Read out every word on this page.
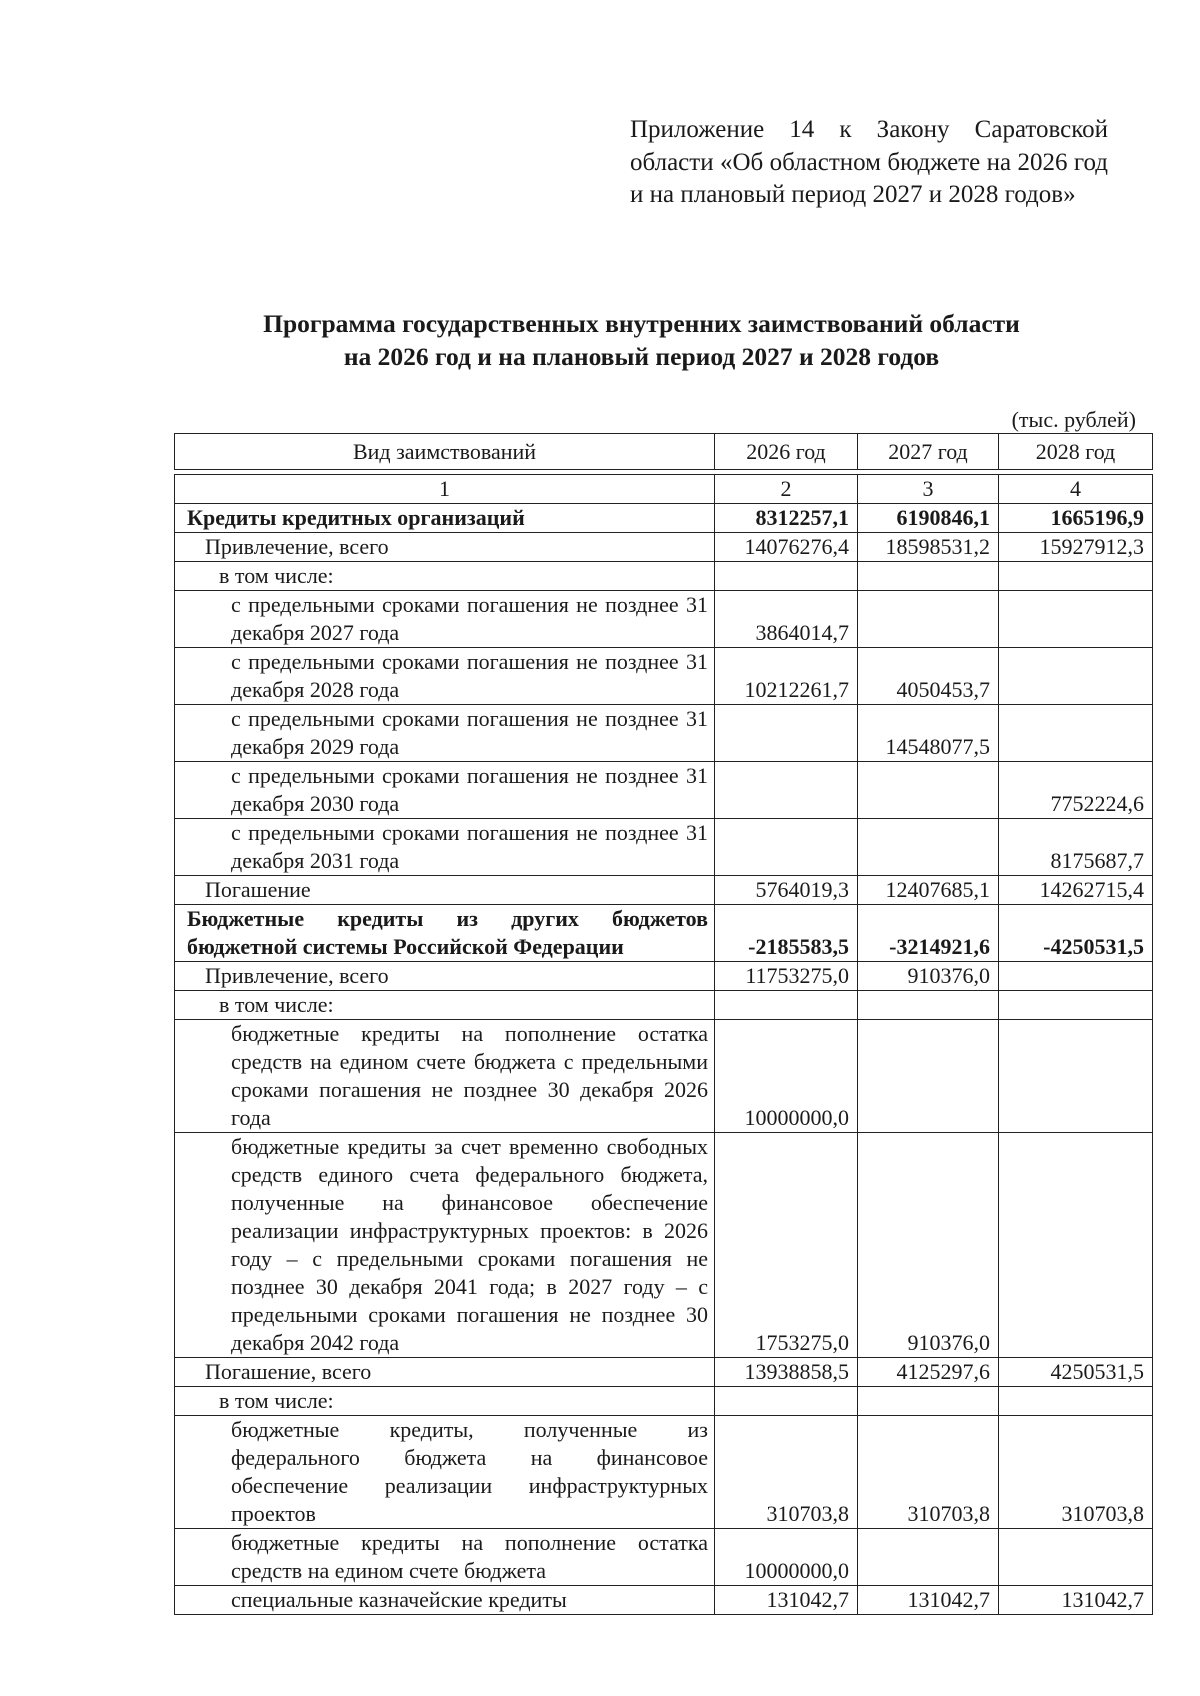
Приложение 14 к Закону Саратовской области «Об областном бюджете на 2026 год и на плановый период 2027 и 2028 годов»
Программа государственных внутренних заимствований области
на 2026 год и на плановый период 2027 и 2028 годов
(тыс. рублей)
Вид заимствований	2026 год	2027 год	2028 год
1	2	3	4
Кредиты кредитных организаций	8312257,1	6190846,1	1665196,9
Привлечение, всего	14076276,4	18598531,2	15927912,3
в том числе:			
с предельными сроками погашения не позднее 31 декабря 2027 года	3864014,7		
с предельными сроками погашения не позднее 31 декабря 2028 года	10212261,7	4050453,7	
с предельными сроками погашения не позднее 31 декабря 2029 года		14548077,5	
с предельными сроками погашения не позднее 31 декабря 2030 года			7752224,6
с предельными сроками погашения не позднее 31 декабря 2031 года			8175687,7
Погашение	5764019,3	12407685,1	14262715,4
Бюджетные кредиты из других бюджетов бюджетной системы Российской Федерации	-2185583,5	-3214921,6	-4250531,5
Привлечение, всего	11753275,0	910376,0	
в том числе:			
бюджетные кредиты на пополнение остатка средств на едином счете бюджета с предельными сроками погашения не позднее 30 декабря 2026 года	10000000,0		
бюджетные кредиты за счет временно свободных средств единого счета федерального бюджета, полученные на финансовое обеспечение реализации инфраструктурных проектов: в 2026 году – с предельными сроками погашения не позднее 30 декабря 2041 года; в 2027 году – с предельными сроками погашения не позднее 30 декабря 2042 года	1753275,0	910376,0	
Погашение, всего	13938858,5	4125297,6	4250531,5
в том числе:			
бюджетные кредиты, полученные из федерального бюджета на финансовое обеспечение реализации инфраструктурных проектов	310703,8	310703,8	310703,8
бюджетные кредиты на пополнение остатка средств на едином счете бюджета	10000000,0		
специальные казначейские кредиты	131042,7	131042,7	131042,7
